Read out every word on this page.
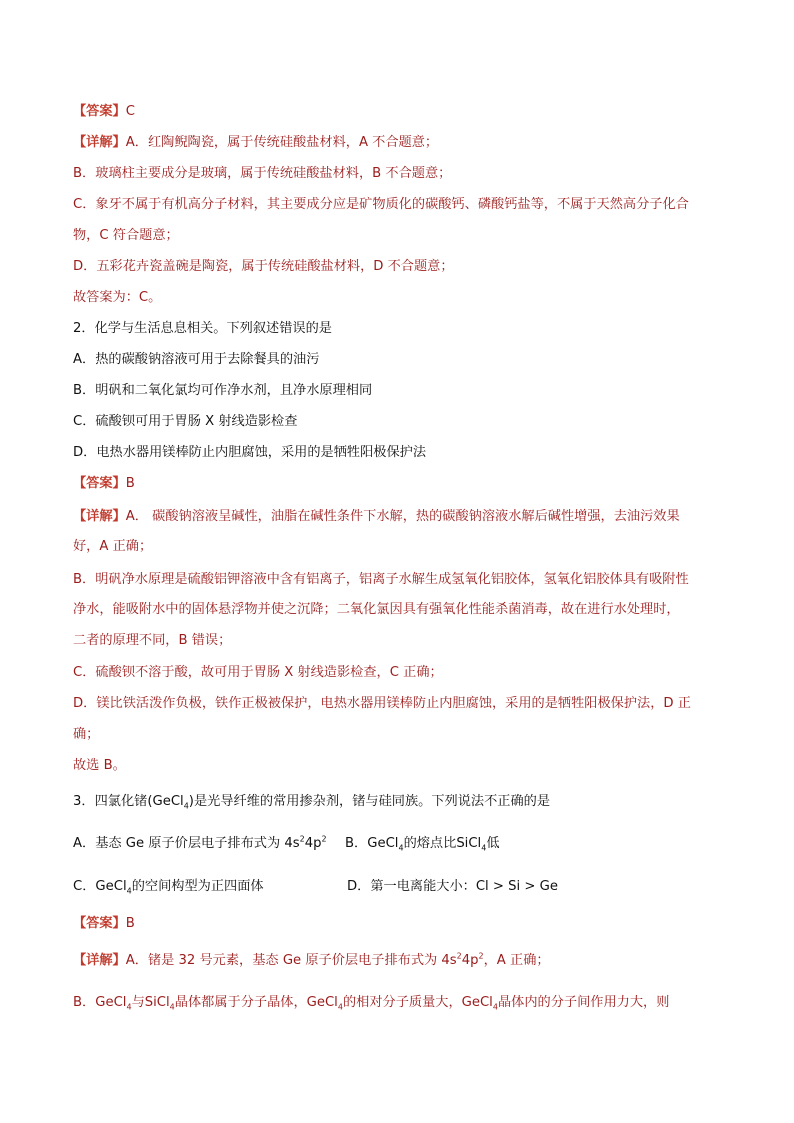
【答案】C
【详解】A．红陶鲵陶瓷，属于传统硅酸盐材料，A 不合题意；
B．玻璃柱主要成分是玻璃，属于传统硅酸盐材料，B 不合题意；
C．象牙不属于有机高分子材料，其主要成分应是矿物质化的碳酸钙、磷酸钙盐等，不属于天然高分子化合
物，C 符合题意；
D．五彩花卉瓷盖碗是陶瓷，属于传统硅酸盐材料，D 不合题意；
故答案为：C。
2．化学与生活息息相关。下列叙述错误的是
A．热的碳酸钠溶液可用于去除餐具的油污
B．明矾和二氧化氯均可作净水剂，且净水原理相同
C．硫酸钡可用于胃肠 X 射线造影检查
D．电热水器用镁棒防止内胆腐蚀，采用的是牺牲阳极保护法
【答案】B
【详解】A． 碳酸钠溶液呈碱性，油脂在碱性条件下水解，热的碳酸钠溶液水解后碱性增强，去油污效果
好，A 正确；
B．明矾净水原理是硫酸铝钾溶液中含有铝离子，铝离子水解生成氢氧化铝胶体，氢氧化铝胶体具有吸附性
净水，能吸附水中的固体悬浮物并使之沉降；二氧化氯因具有强氧化性能杀菌消毒，故在进行水处理时，
二者的原理不同，B 错误；
C．硫酸钡不溶于酸，故可用于胃肠 X 射线造影检查，C 正确；
D．镁比铁活泼作负极，铁作正极被保护，电热水器用镁棒防止内胆腐蚀，采用的是牺牲阳极保护法，D 正
确；
故选 B。
3．四氯化锗(GeCl$_4$)是光导纤维的常用掺杂剂，锗与硅同族。下列说法不正确的是
A．基态 Ge 原子价层电子排布式为 $4s^24p^2$ B．GeCl$_4$的熔点比SiCl$_4$低
C．GeCl$_4$的空间构型为正四面体	D．第一电离能大小：Cl > Si > Ge
【答案】B
【详解】A．锗是 32 号元素，基态 Ge 原子价层电子排布式为 $4s^24p^2$，A 正确；
B．GeCl$_4$与SiCl$_4$晶体都属于分子晶体，GeCl$_4$的相对分子质量大，GeCl$_4$晶体内的分子间作用力大，则
